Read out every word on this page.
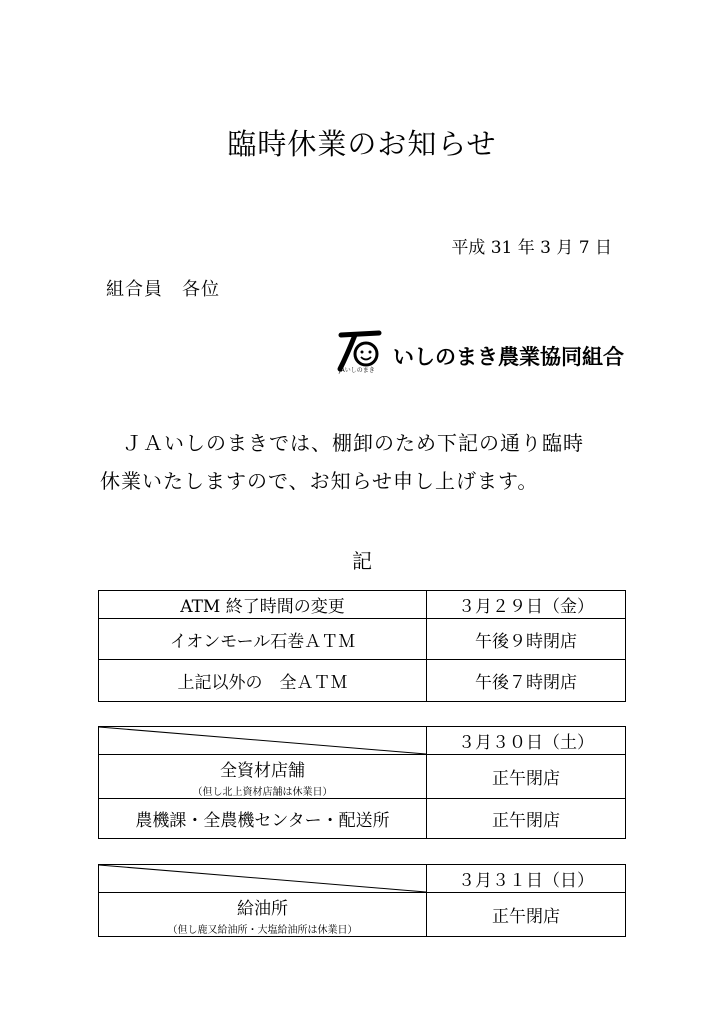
臨時休業のお知らせ
平成 31 年 3 月 7 日
組合員　各位
JAいしのまき
いしのまき農業協同組合
ＪＡいしのまきでは、棚卸のため下記の通り臨時
休業いたしますので、お知らせ申し上げます。
記
ATM 終了時間の変更	３月２９日（金）
イオンモール石巻ＡＴＭ	午後９時閉店
上記以外の　全ＡＴＭ	午後７時閉店
	３月３０日（土）
全資材店舗
（但し北上資材店舗は休業日）	正午閉店
農機課・全農機センター・配送所	正午閉店
	３月３１日（日）
給油所
（但し鹿又給油所・大塩給油所は休業日）	正午閉店
